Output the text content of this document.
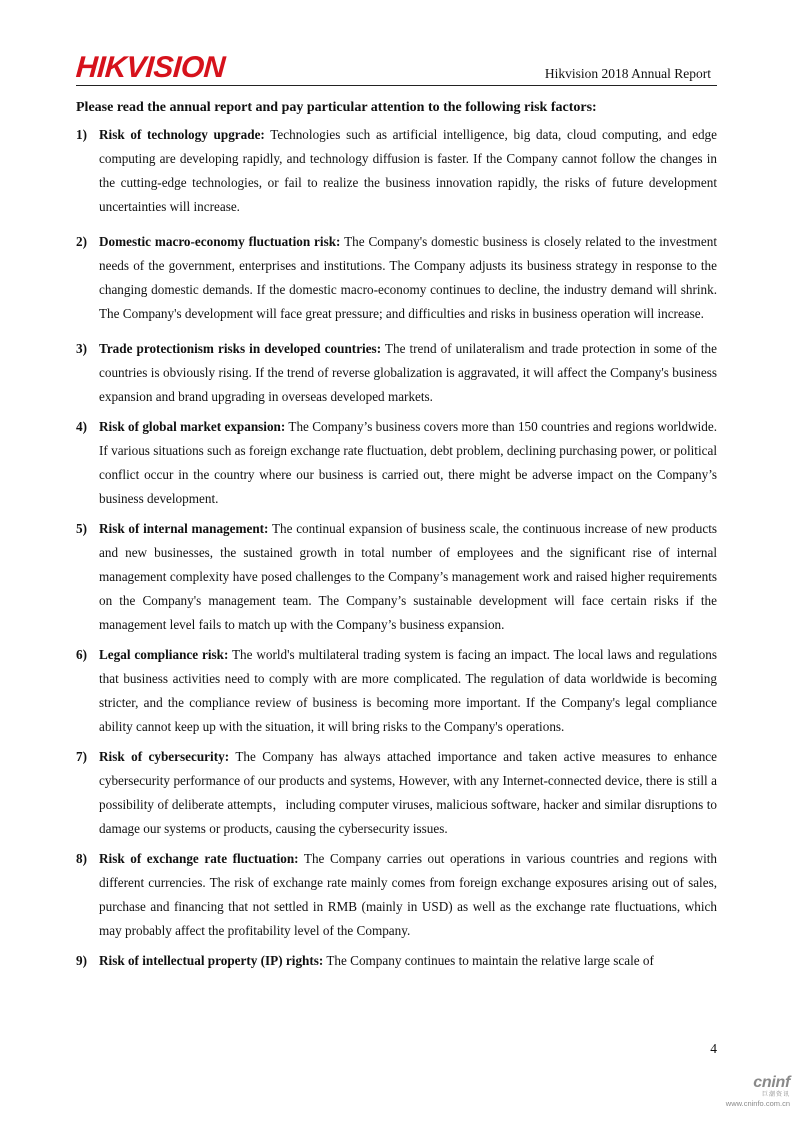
HIKVISION	Hikvision 2018 Annual Report
Please read the annual report and pay particular attention to the following risk factors:
1) Risk of technology upgrade: Technologies such as artificial intelligence, big data, cloud computing, and edge computing are developing rapidly, and technology diffusion is faster. If the Company cannot follow the changes in the cutting-edge technologies, or fail to realize the business innovation rapidly, the risks of future development uncertainties will increase.
2) Domestic macro-economy fluctuation risk: The Company's domestic business is closely related to the investment needs of the government, enterprises and institutions. The Company adjusts its business strategy in response to the changing domestic demands. If the domestic macro-economy continues to decline, the industry demand will shrink. The Company's development will face great pressure; and difficulties and risks in business operation will increase.
3) Trade protectionism risks in developed countries: The trend of unilateralism and trade protection in some of the countries is obviously rising. If the trend of reverse globalization is aggravated, it will affect the Company's business expansion and brand upgrading in overseas developed markets.
4) Risk of global market expansion: The Company’s business covers more than 150 countries and regions worldwide. If various situations such as foreign exchange rate fluctuation, debt problem, declining purchasing power, or political conflict occur in the country where our business is carried out, there might be adverse impact on the Company’s business development.
5) Risk of internal management: The continual expansion of business scale, the continuous increase of new products and new businesses, the sustained growth in total number of employees and the significant rise of internal management complexity have posed challenges to the Company’s management work and raised higher requirements on the Company's management team. The Company’s sustainable development will face certain risks if the management level fails to match up with the Company’s business expansion.
6) Legal compliance risk: The world's multilateral trading system is facing an impact. The local laws and regulations that business activities need to comply with are more complicated. The regulation of data worldwide is becoming stricter, and the compliance review of business is becoming more important. If the Company's legal compliance ability cannot keep up with the situation, it will bring risks to the Company's operations.
7) Risk of cybersecurity: The Company has always attached importance and taken active measures to enhance cybersecurity performance of our products and systems, However, with any Internet-connected device, there is still a possibility of deliberate attempts，including computer viruses, malicious software, hacker and similar disruptions to damage our systems or products, causing the cybersecurity issues.
8) Risk of exchange rate fluctuation: The Company carries out operations in various countries and regions with different currencies. The risk of exchange rate mainly comes from foreign exchange exposures arising out of sales, purchase and financing that not settled in RMB (mainly in USD) as well as the exchange rate fluctuations, which may probably affect the profitability level of the Company.
9) Risk of intellectual property (IP) rights: The Company continues to maintain the relative large scale of
4
cninf
巨潮资讯
www.cninfo.com.cn
